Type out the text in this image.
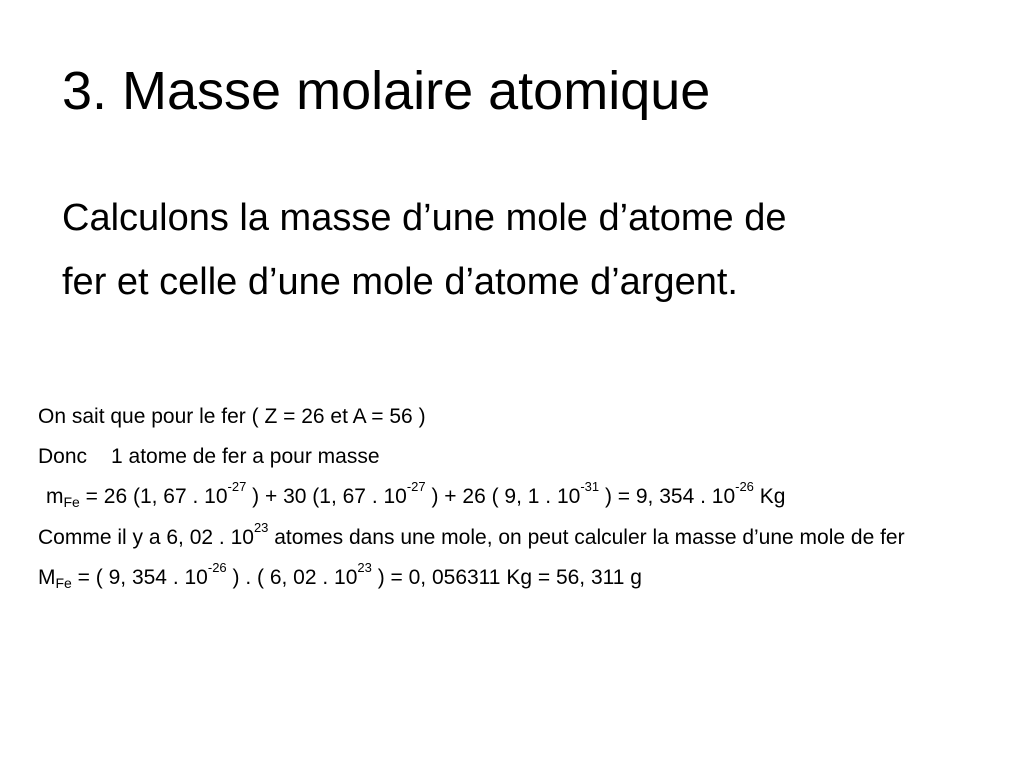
3. Masse molaire atomique
Calculons la masse d’une mole d’atome de
fer et celle d’une mole d’atome d’argent.
On sait que pour le fer ( Z = 26 et A = 56 )
Donc 1 atome de fer a pour masse
$m_{Fe} = 26$ (1, 67 . $10^{-27}$ ) + 30 (1, 67 . $10^{-27}$ ) + 26 ( 9, 1 . $10^{-31}$ ) = 9, 354 . $10^{-26}$ Kg
Comme il y a 6, 02 . $10^{23}$ atomes dans une mole, on peut calculer la masse d’une mole de fer
$M_{Fe}$ = ( 9, 354 . $10^{-26}$ ) . ( 6, 02 . $10^{23}$ ) = 0, 056311 Kg = 56, 311 g
